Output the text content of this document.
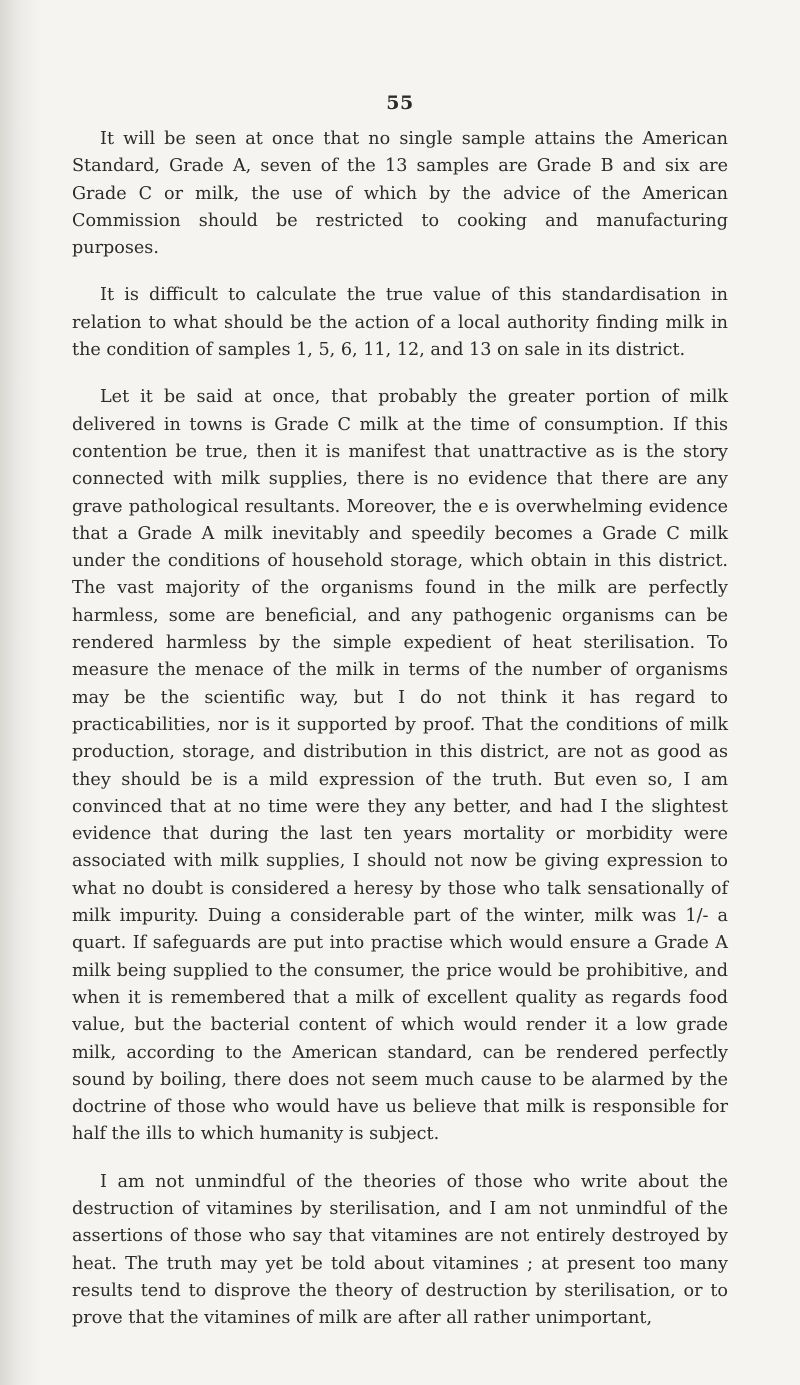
55

It will be seen at once that no single sample attains the American Standard, Grade A, seven of the 13 samples are Grade B and six are Grade C or milk, the use of which by the advice of the American Commission should be restricted to cooking and manufacturing purposes.

It is difficult to calculate the true value of this standardisation in relation to what should be the action of a local authority finding milk in the condition of samples 1, 5, 6, 11, 12, and 13 on sale in its district.

Let it be said at once, that probably the greater portion of milk delivered in towns is Grade C milk at the time of consumption. If this contention be true, then it is manifest that unattractive as is the story connected with milk supplies, there is no evidence that there are any grave pathological resultants. Moreover, the e is overwhelming evidence that a Grade A milk inevitably and speedily becomes a Grade C milk under the conditions of household storage, which obtain in this district. The vast majority of the organisms found in the milk are perfectly harmless, some are beneficial, and any pathogenic organisms can be rendered harmless by the simple expedient of heat sterilisation. To measure the menace of the milk in terms of the number of organisms may be the scientific way, but I do not think it has regard to practicabilities, nor is it supported by proof. That the conditions of milk production, storage, and distribution in this district, are not as good as they should be is a mild expression of the truth. But even so, I am convinced that at no time were they any better, and had I the slightest evidence that during the last ten years mortality or morbidity were associated with milk supplies, I should not now be giving expression to what no doubt is considered a heresy by those who talk sensationally of milk impurity. Duing a considerable part of the winter, milk was 1/- a quart. If safeguards are put into practise which would ensure a Grade A milk being supplied to the consumer, the price would be prohibitive, and when it is remembered that a milk of excellent quality as regards food value, but the bacterial content of which would render it a low grade milk, according to the American standard, can be rendered perfectly sound by boiling, there does not seem much cause to be alarmed by the doctrine of those who would have us believe that milk is responsible for half the ills to which humanity is subject.

I am not unmindful of the theories of those who write about the destruction of vitamines by sterilisation, and I am not unmindful of the assertions of those who say that vitamines are not entirely destroyed by heat. The truth may yet be told about vitamines ; at present too many results tend to disprove the theory of destruction by sterilisation, or to prove that the vitamines of milk are after all rather unimportant,
